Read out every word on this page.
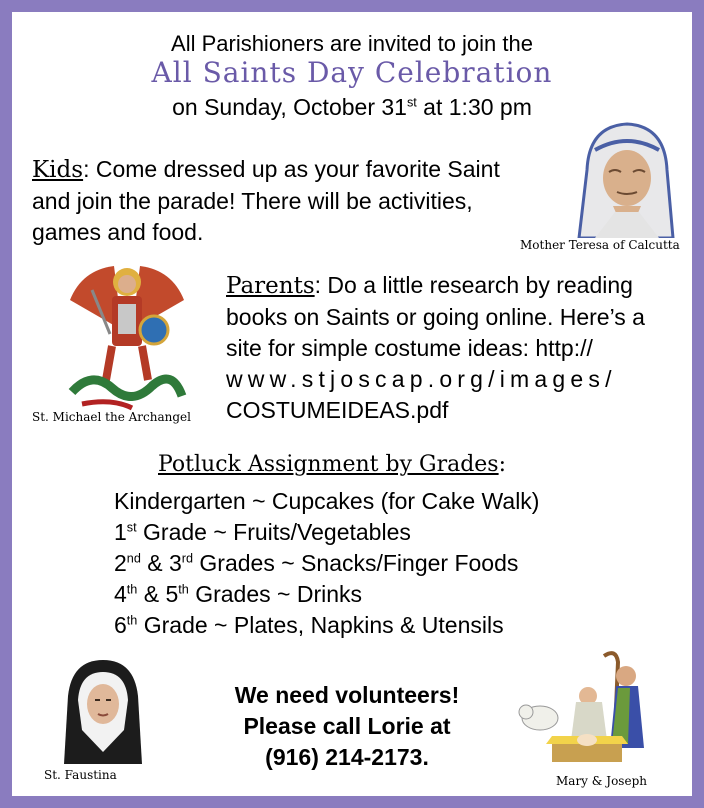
All Parishioners are invited to join the
All Saints Day Celebration
on Sunday, October 31st at 1:30 pm
Kids: Come dressed up as your favorite Saint and join the parade! There will be activities, games and food.	Mother Teresa of Calcutta
St. Michael the Archangel
Parents: Do a little research by reading books on Saints or going online. Here’s a site for simple costume ideas: http://
www.stjoscap.org/images/
COSTUMEIDEAS.pdf
Potluck Assignment by Grades:
Kindergarten ~ Cupcakes (for Cake Walk)
1st Grade ~ Fruits/Vegetables
2nd & 3rd Grades ~ Snacks/Finger Foods
4th & 5th Grades ~ Drinks
6th Grade ~ Plates, Napkins & Utensils
St. Faustina
We need volunteers!
Please call Lorie at
(916) 214-2173.
Mary & Joseph
